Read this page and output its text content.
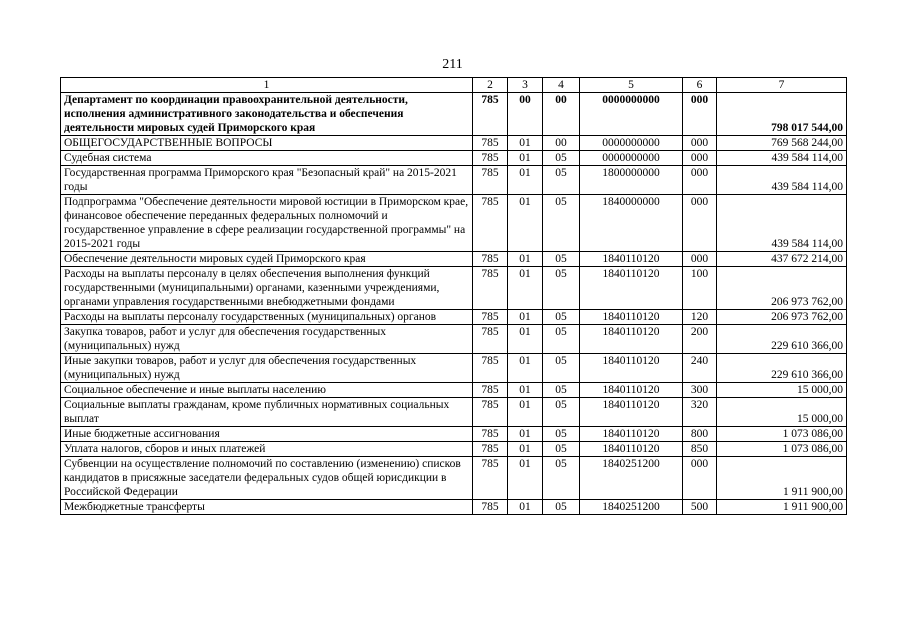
211
1	2	3	4	5	6	7
Департамент по координации правоохранительной деятельности, исполнения административного законодательства и обеспечения деятельности мировых судей Приморского края	785	00	00	0000000000	000	798 017 544,00
ОБЩЕГОСУДАРСТВЕННЫЕ ВОПРОСЫ	785	01	00	0000000000	000	769 568 244,00
Судебная система	785	01	05	0000000000	000	439 584 114,00
Государственная программа Приморского края "Безопасный край" на 2015-2021 годы	785	01	05	1800000000	000	439 584 114,00
Подпрограмма "Обеспечение деятельности мировой юстиции в Приморском крае, финансовое обеспечение переданных федеральных полномочий и государственное управление в сфере реализации государственной программы" на 2015-2021 годы	785	01	05	1840000000	000	439 584 114,00
Обеспечение деятельности мировых судей Приморского края	785	01	05	1840110120	000	437 672 214,00
Расходы на выплаты персоналу в целях обеспечения выполнения функций государственными (муниципальными) органами, казенными учреждениями, органами управления государственными внебюджетными фондами	785	01	05	1840110120	100	206 973 762,00
Расходы на выплаты персоналу государственных (муниципальных) органов	785	01	05	1840110120	120	206 973 762,00
Закупка товаров, работ и услуг для обеспечения государственных (муниципальных) нужд	785	01	05	1840110120	200	229 610 366,00
Иные закупки товаров, работ и услуг для обеспечения государственных (муниципальных) нужд	785	01	05	1840110120	240	229 610 366,00
Социальное обеспечение и иные выплаты населению	785	01	05	1840110120	300	15 000,00
Социальные выплаты гражданам, кроме публичных нормативных социальных выплат	785	01	05	1840110120	320	15 000,00
Иные бюджетные ассигнования	785	01	05	1840110120	800	1 073 086,00
Уплата налогов, сборов и иных платежей	785	01	05	1840110120	850	1 073 086,00
Субвенции на осуществление полномочий по составлению (изменению) списков кандидатов в присяжные заседатели федеральных судов общей юрисдикции в Российской Федерации	785	01	05	1840251200	000	1 911 900,00
Межбюджетные трансферты	785	01	05	1840251200	500	1 911 900,00
